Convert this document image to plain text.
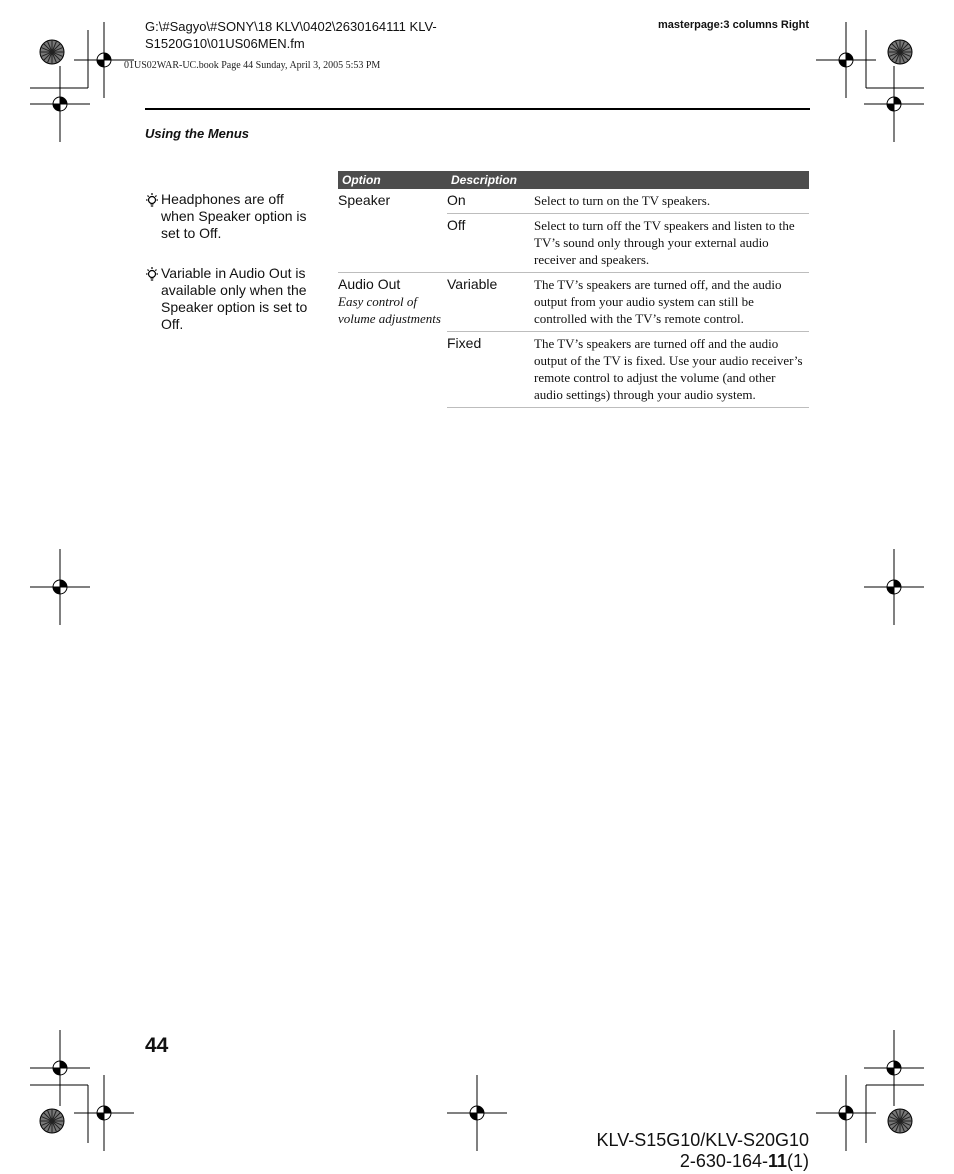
G:\#Sagyo\#SONY\18 KLV\0402\2630164111 KLV-
S1520G10\01US06MEN.fm
01US02WAR-UC.book Page 44 Sunday, April 3, 2005 5:53 PM
masterpage:3 columns Right
Using the Menus
Headphones are off when Speaker option is set to Off.
Variable in Audio Out is available only when the Speaker option is set to Off.
Option	Description	
Speaker	On	Select to turn on the TV speakers.
	Off	Select to turn off the TV speakers and listen to the TV’s sound only through your external audio receiver and speakers.
Audio Out
Easy control of volume adjustments	Variable	The TV’s speakers are turned off, and the audio output from your audio system can still be controlled with the TV’s remote control.
	Fixed	The TV’s speakers are turned off and the audio output of the TV is fixed. Use your audio receiver’s remote control to adjust the volume (and other audio settings) through your audio system.
44
KLV-S15G10/KLV-S20G10
2-630-164-11(1)
